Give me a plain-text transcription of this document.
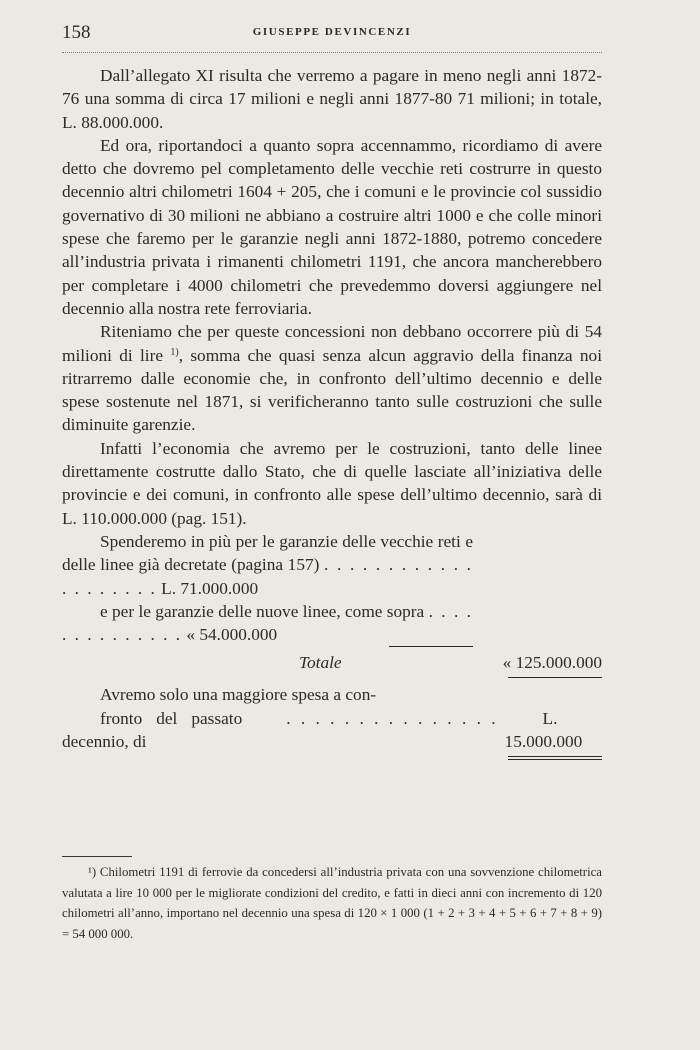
158	GIUSEPPE DEVINCENZI

Dall’allegato XI risulta che verremo a pagare in meno negli anni 1872-76 una somma di circa 17 milioni e negli anni 1877-80 71 milioni; in totale, L. 88.000.000.

Ed ora, riportandoci a quanto sopra accennammo, ricordiamo di avere detto che dovremo pel completamento delle vecchie reti costrurre in questo decennio altri chilometri 1604 + 205, che i comuni e le provincie col sussidio governativo di 30 milioni ne abbiano a costruire altri 1000 e che colle minori spese che faremo per le garanzie negli anni 1872-1880, potremo concedere all’industria privata i rimanenti chilometri 1191, che ancora mancherebbero per completare i 4000 chilometri che prevedemmo doversi aggiungere nel decennio alla nostra rete ferroviaria.

Riteniamo che per queste concessioni non debbano occorrere più di 54 milioni di lire $^{1)}$, somma che quasi senza alcun aggravio della finanza noi ritrarremo dalle economie che, in confronto dell’ultimo decennio e delle spese sostenute nel 1871, si verificheranno tanto sulle costruzioni che sulle diminuite garenzie.

Infatti l’economia che avremo per le costruzioni, tanto delle linee direttamente costrutte dallo Stato, che di quelle lasciate all’iniziativa delle provincie e dei comuni, in confronto alle spese dell’ultimo decennio, sarà di L. 110.000.000 (pag. 151).

Spenderemo in più per le garanzie delle vecchie reti e delle linee già decretate (pagina 157) . . . . . . . . . . . . . . . . . . . . L. 71.000.000

e per le garanzie delle nuove linee, come sopra . . . . . . . . . . . . . . « 54.000.000

Totale	« 125.000.000

Avremo solo una maggiore spesa a con-

fronto del passato decennio, di
. . . . . . . . . . . . . . .	L. 15.000.000

¹) Chilometri 1191 di ferrovie da concedersi all’industria privata con una sovvenzione chilometrica valutata a lire 10 000 per le migliorate condizioni del credito, e fatti in dieci anni con incremento di 120 chilometri all’anno, importano nel decennio una spesa di 120 × 1 000 (1 + 2 + 3 + 4 + 5 + 6 + 7 + 8 + 9) = 54 000 000.
